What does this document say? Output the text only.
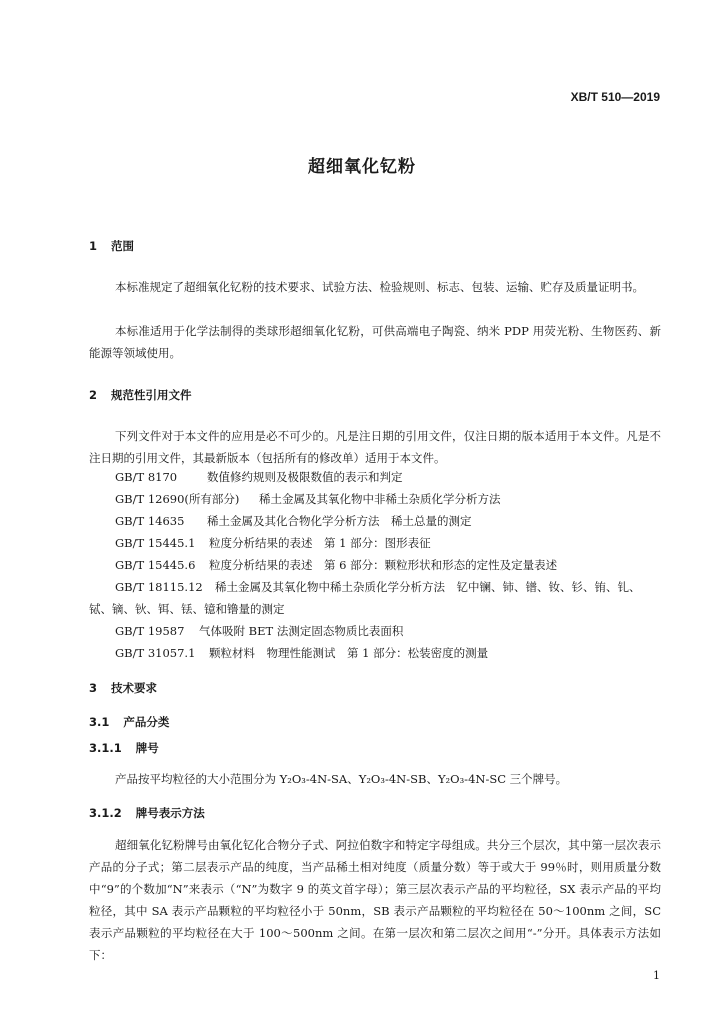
XB/T 510—2019
超细氧化钇粉
1 范围
本标准规定了超细氧化钇粉的技术要求、试验方法、检验规则、标志、包装、运输、贮存及质量证明书。
本标准适用于化学法制得的类球形超细氧化钇粉，可供高端电子陶瓷、纳米 PDP 用荧光粉、生物医药、新能源等领域使用。
2 规范性引用文件
下列文件对于本文件的应用是必不可少的。凡是注日期的引用文件，仅注日期的版本适用于本文件。凡是不注日期的引用文件，其最新版本（包括所有的修改单）适用于本文件。
GB/T 8170	数值修约规则及极限数值的表示和判定
GB/T 12690(所有部分) 稀土金属及其氧化物中非稀土杂质化学分析方法
GB/T 14635 稀土金属及其化合物化学分析方法　稀土总量的测定
GB/T 15445.1 粒度分析结果的表述　第 1 部分：图形表征
GB/T 15445.6 粒度分析结果的表述　第 6 部分：颗粒形状和形态的定性及定量表述
GB/T 18115.12 稀土金属及其氧化物中稀土杂质化学分析方法　钇中镧、铈、镨、钕、钐、铕、钆、
铽、镝、钬、铒、铥、镱和镥量的测定
GB/T 19587 气体吸附 BET 法测定固态物质比表面积
GB/T 31057.1 颗粒材料　物理性能测试　第 1 部分：松装密度的测量
3 技术要求
3.1 产品分类
3.1.1 牌号
产品按平均粒径的大小范围分为 Y₂O₃-4N-SA、Y₂O₃-4N-SB、Y₂O₃-4N-SC 三个牌号。
3.1.2 牌号表示方法
超细氧化钇粉牌号由氧化钇化合物分子式、阿拉伯数字和特定字母组成。共分三个层次，其中第一层次表示产品的分子式；第二层表示产品的纯度，当产品稀土相对纯度（质量分数）等于或大于 99％时，则用质量分数中“9”的个数加“N”来表示（“N”为数字 9 的英文首字母）；第三层次表示产品的平均粒径，SX 表示产品的平均粒径，其中 SA 表示产品颗粒的平均粒径小于 50nm，SB 表示产品颗粒的平均粒径在 50～100nm 之间，SC 表示产品颗粒的平均粒径在大于 100～500nm 之间。在第一层次和第二层次之间用“-”分开。具体表示方法如下：
1
